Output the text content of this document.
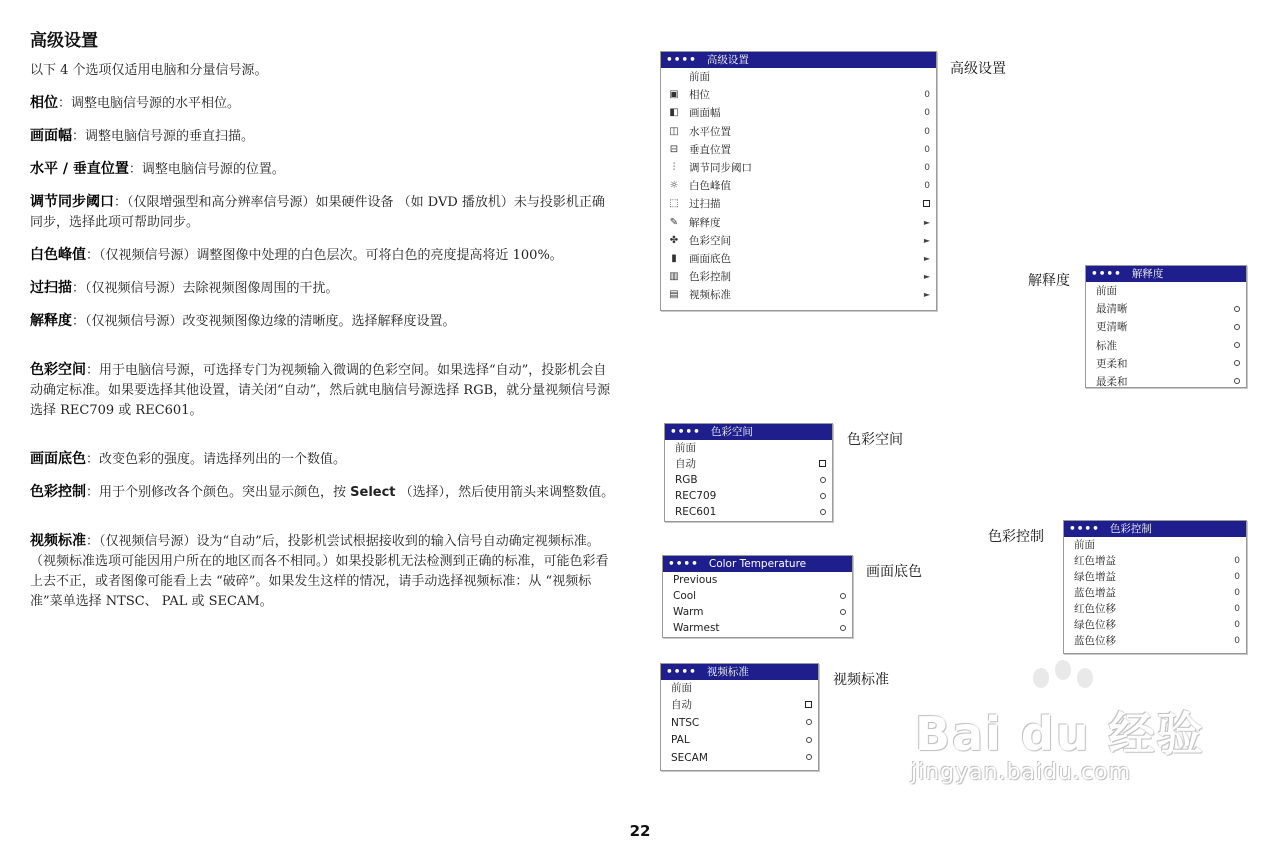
高级设置

以下 4 个选项仅适用电脑和分量信号源。

相位：调整电脑信号源的水平相位。

画面幅：调整电脑信号源的垂直扫描。

水平 / 垂直位置：调整电脑信号源的位置。

调节同步阈口：（仅限增强型和高分辨率信号源）如果硬件设备 （如 DVD 播放机）未与投影机正确同步，选择此项可帮助同步。

白色峰值：（仅视频信号源）调整图像中处理的白色层次。可将白色的亮度提高将近 100%。

过扫描：（仅视频信号源）去除视频图像周围的干扰。

解释度：（仅视频信号源）改变视频图像边缘的清晰度。选择解释度设置。

色彩空间：用于电脑信号源，可选择专门为视频输入微调的色彩空间。如果选择“自动”，投影机会自动确定标准。如果要选择其他设置，请关闭“自动”，然后就电脑信号源选择 RGB，就分量视频信号源选择 REC709 或 REC601。

画面底色：改变色彩的强度。请选择列出的一个数值。

色彩控制：用于个别修改各个颜色。突出显示颜色，按 Select （选择），然后使用箭头来调整数值。

视频标准：（仅视频信号源）设为“自动”后，投影机尝试根据接收到的输入信号自动确定视频标准。（视频标准选项可能因用户所在的地区而各不相同。）如果投影机无法检测到正确的标准，可能色彩看上去不正，或者图像可能看上去 “破碎”。如果发生这样的情况，请手动选择视频标准：从 “视频标准”菜单选择 NTSC、 PAL 或 SECAM。

•••• 高级设置
前面
▣ 相位	0
◧ 画面幅	0
◫ 水平位置	0
⊟ 垂直位置	0
⫶ 调节同步阈口	0
☼ 白色峰值	0
⬚ 过扫描
✎ 解释度	►
✤ 色彩空间	►
▮ 画面底色	►
▥ 色彩控制	►
▤ 视频标准	►
高级设置
•••• 解释度
前面
最清晰
更清晰
标准
更柔和
最柔和
解释度
•••• 色彩空间
前面
自动
RGB
REC709
REC601
色彩空间
•••• 色彩控制
前面
红色增益	0
绿色增益	0
蓝色增益	0
红色位移	0
绿色位移	0
蓝色位移	0
色彩控制
•••• Color Temperature
Previous
Cool
Warm
Warmest
画面底色
•••• 视频标准
前面
自动
NTSC
PAL
SECAM
视频标准
Bai du 经验
jingyan.baidu.com
22
